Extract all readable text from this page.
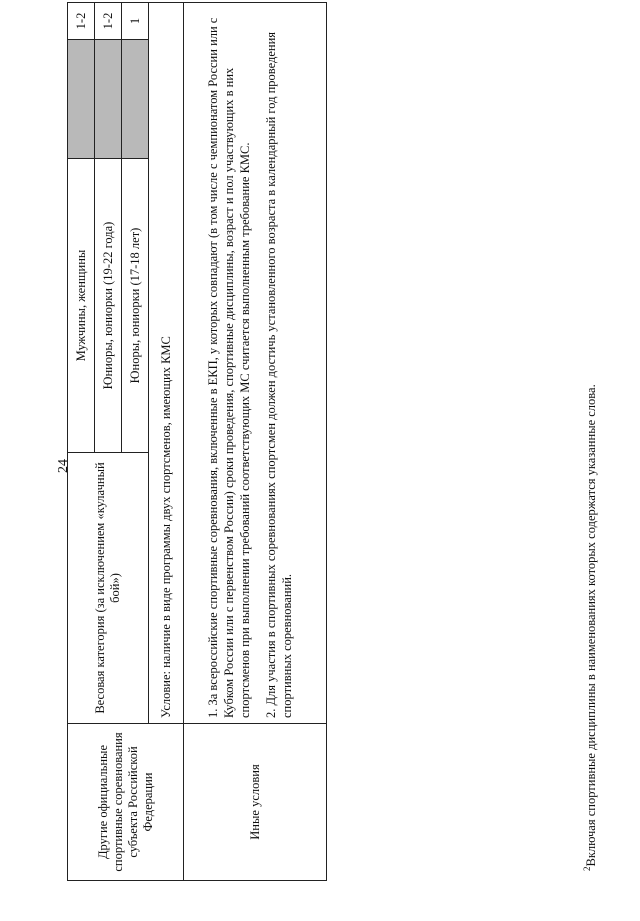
24
Другие официальные спортивные соревнования субъекта Российской Федерации	Весовая категория (за исключением «кулачный бой»)	Мужчины, женщины		1-2
		Юниоры, юниорки (19-22 года)		1-2
		Юноры, юниорки (17-18 лет)		1
	Условие: наличие в виде программы двух спортсменов, имеющих КМС			
Иные условия	1. За всероссийские спортивные соревнования, включенные в ЕКП, у которых совпадают (в том числе с чемпионатом России или с Кубком России или с первенством России) сроки проведения, спортивные дисциплины, возраст и пол участвующих в них спортсменов при выполнении требований соответствующих МС считается выполненным требование КМС. 2. Для участия в спортивных соревнованиях спортсмен должен достичь установленного возраста в календарный год проведения спортивных соревнований.			

$^2$Включая спортивные дисциплины в наименованиях которых содержатся указанные слова.
